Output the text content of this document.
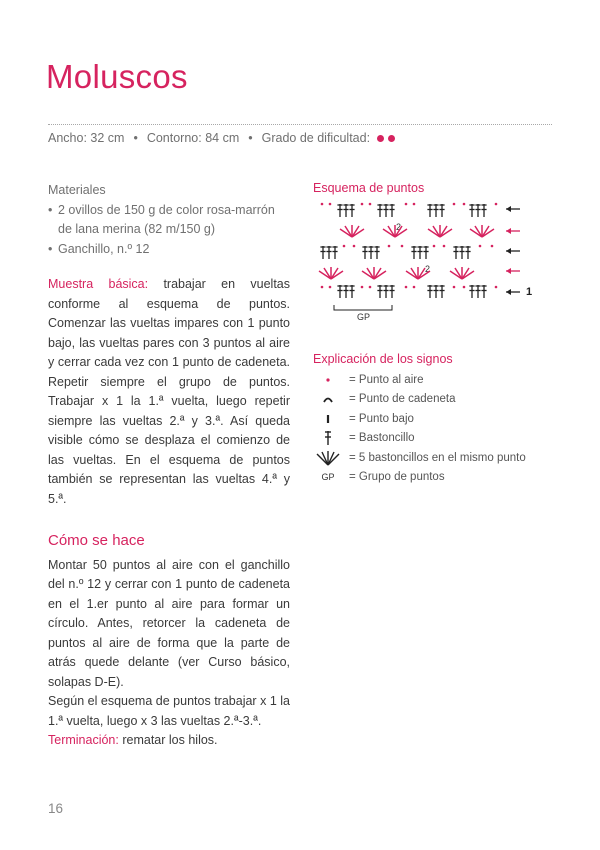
Moluscos
Ancho: 32 cm • Contorno: 84 cm • Grado de dificultad:
Materiales
• 2 ovillos de 150 g de color rosa-marrón de lana merina (82 m/150 g)
• Ganchillo, n.º 12

Muestra básica: trabajar en vueltas conforme al esquema de puntos. Comenzar las vueltas impares con 1 punto bajo, las vueltas pares con 3 puntos al aire y cerrar cada vez con 1 punto de cadeneta. Repetir siempre el grupo de puntos. Trabajar x 1 la 1.ª vuelta, luego repetir siempre las vueltas 2.ª y 3.ª. Así queda visible cómo se desplaza el comienzo de las vueltas. En el esquema de puntos también se representan las vueltas 4.ª y 5.ª.

Cómo se hace

Montar 50 puntos al aire con el ganchillo del n.º 12 y cerrar con 1 punto de cadeneta en el 1.er punto al aire para formar un círculo. Antes, retorcer la cadeneta de puntos al aire de forma que la parte de atrás quede delante (ver Curso básico, solapas D-E).
Según el esquema de puntos trabajar x 1 la 1.ª vuelta, luego x 3 las vueltas 2.ª-3.ª.
Terminación: rematar los hilos.

Esquema de puntos
1
GP
2
2
Explicación de los signos
= Punto al aire
= Punto de cadeneta
= Punto bajo
= Bastoncillo
= 5 bastoncillos en el mismo punto
GP	= Grupo de puntos
16
